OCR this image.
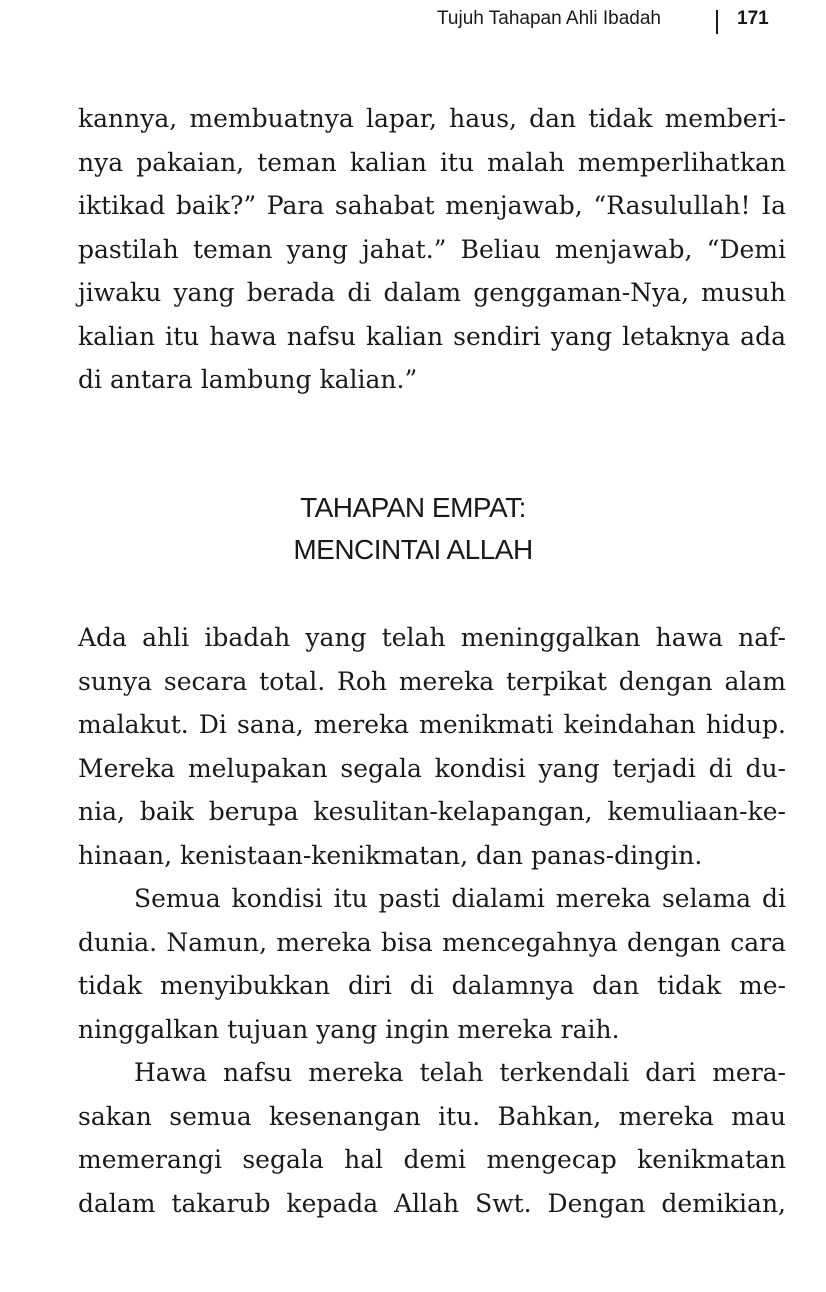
Tujuh Tahapan Ahli Ibadah	171

kannya, membuatnya lapar, haus, dan tidak memberi-

nya pakaian, teman kalian itu malah memperlihatkan

iktikad baik?” Para sahabat menjawab, “Rasulullah! Ia

pastilah teman yang jahat.” Beliau menjawab, “Demi

jiwaku yang berada di dalam genggaman-Nya, musuh

kalian itu hawa nafsu kalian sendiri yang letaknya ada

di antara lambung kalian.”

TAHAPAN EMPAT:
MENCINTAI ALLAH

Ada ahli ibadah yang telah meninggalkan hawa naf-

sunya secara total. Roh mereka terpikat dengan alam

malakut. Di sana, mereka menikmati keindahan hidup.

Mereka melupakan segala kondisi yang terjadi di du-

nia, baik berupa kesulitan-kelapangan, kemuliaan-ke-

hinaan, kenistaan-kenikmatan, dan panas-dingin.

Semua kondisi itu pasti dialami mereka selama di

dunia. Namun, mereka bisa mencegahnya dengan cara

tidak menyibukkan diri di dalamnya dan tidak me-

ninggalkan tujuan yang ingin mereka raih.

Hawa nafsu mereka telah terkendali dari mera-

sakan semua kesenangan itu. Bahkan, mereka mau

memerangi segala hal demi mengecap kenikmatan

dalam takarub kepada Allah Swt. Dengan demikian,
